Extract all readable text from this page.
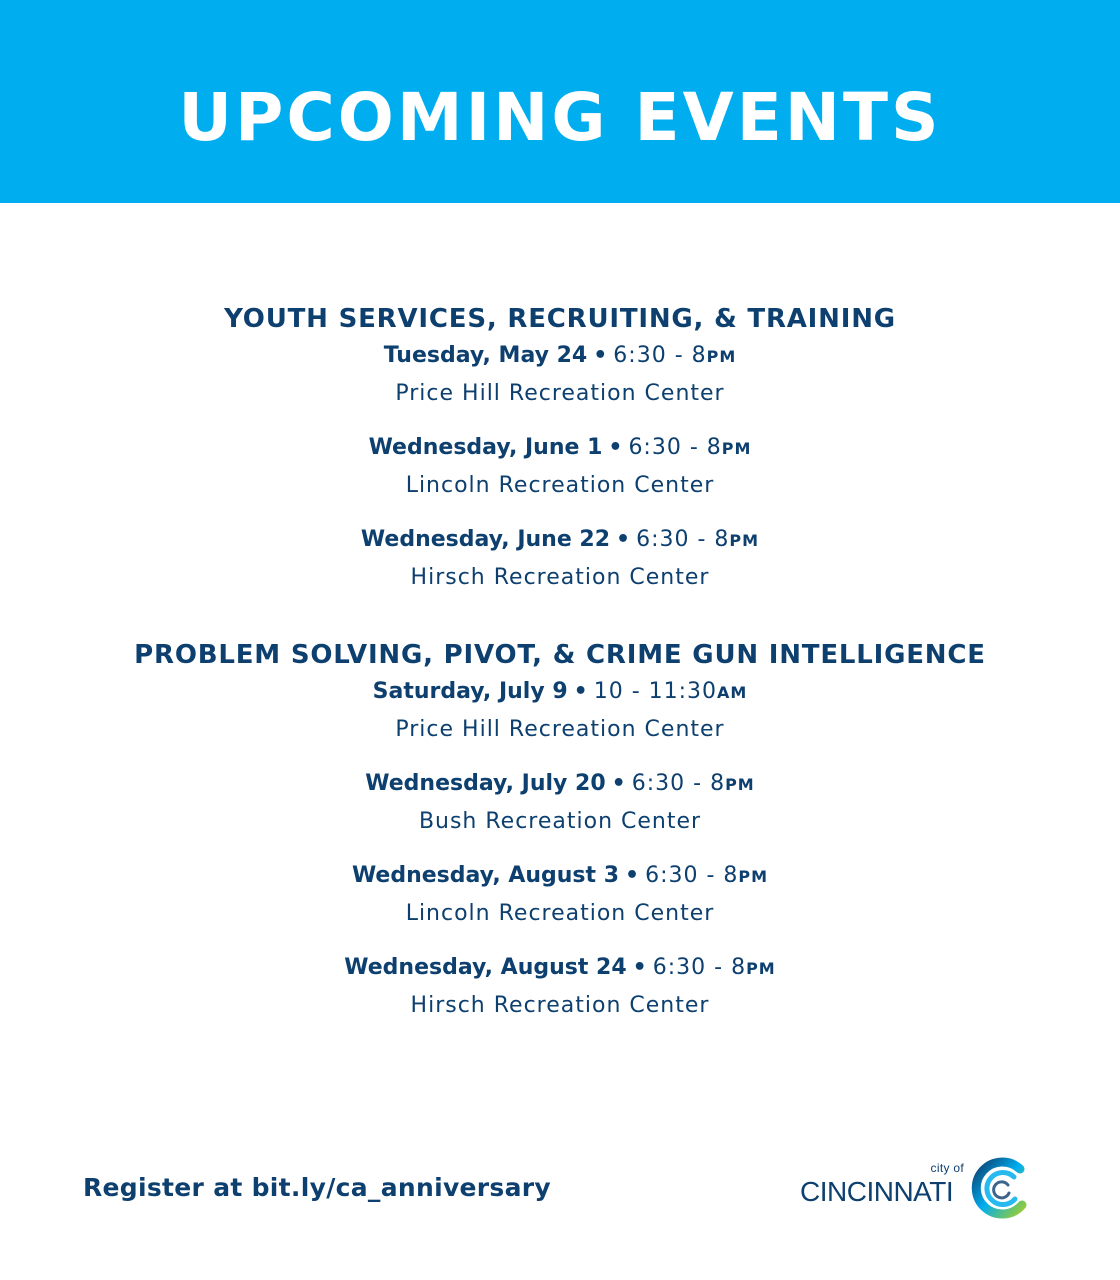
UPCOMING EVENTS
YOUTH SERVICES, RECRUITING, & TRAINING

Tuesday, May 24 • 6:30 - 8PM

Price Hill Recreation Center

Wednesday, June 1 • 6:30 - 8PM

Lincoln Recreation Center

Wednesday, June 22 • 6:30 - 8PM

Hirsch Recreation Center

PROBLEM SOLVING, PIVOT, & CRIME GUN INTELLIGENCE

Saturday, July 9 • 10 - 11:30AM

Price Hill Recreation Center

Wednesday, July 20 • 6:30 - 8PM

Bush Recreation Center

Wednesday, August 3 • 6:30 - 8PM

Lincoln Recreation Center

Wednesday, August 24 • 6:30 - 8PM

Hirsch Recreation Center

Register at bit.ly/ca_anniversary

city of
CINCINNATI
